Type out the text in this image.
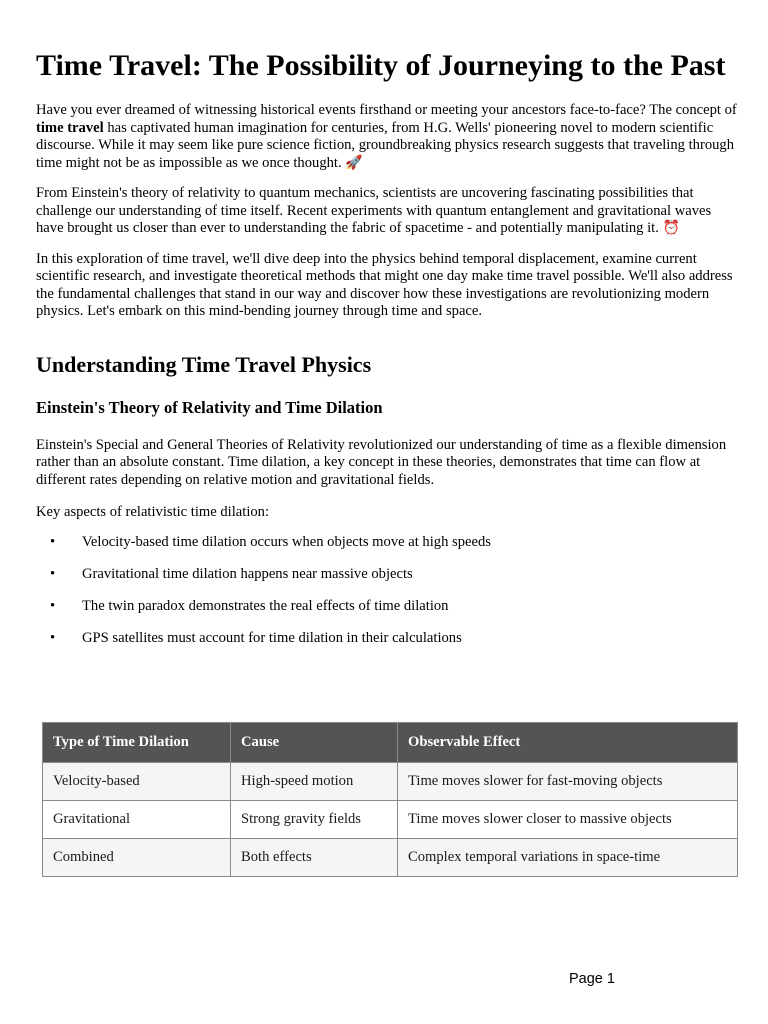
Time Travel: The Possibility of Journeying to the Past

Have you ever dreamed of witnessing historical events firsthand or meeting your ancestors face-to-face? The concept of time travel has captivated human imagination for centuries, from H.G. Wells' pioneering novel to modern scientific discourse. While it may seem like pure science fiction, groundbreaking physics research suggests that traveling through time might not be as impossible as we once thought. 🚀

From Einstein's theory of relativity to quantum mechanics, scientists are uncovering fascinating possibilities that challenge our understanding of time itself. Recent experiments with quantum entanglement and gravitational waves have brought us closer than ever to understanding the fabric of spacetime - and potentially manipulating it. ⏰

In this exploration of time travel, we'll dive deep into the physics behind temporal displacement, examine current scientific research, and investigate theoretical methods that might one day make time travel possible. We'll also address the fundamental challenges that stand in our way and discover how these investigations are revolutionizing modern physics. Let's embark on this mind-bending journey through time and space.

Understanding Time Travel Physics
Einstein's Theory of Relativity and Time Dilation

Einstein's Special and General Theories of Relativity revolutionized our understanding of time as a flexible dimension rather than an absolute constant. Time dilation, a key concept in these theories, demonstrates that time can flow at different rates depending on relative motion and gravitational fields.

Key aspects of relativistic time dilation:

• Velocity-based time dilation occurs when objects move at high speeds
• Gravitational time dilation happens near massive objects
• The twin paradox demonstrates the real effects of time dilation
• GPS satellites must account for time dilation in their calculations
Type of Time Dilation	Cause	Observable Effect
Velocity-based	High-speed motion	Time moves slower for fast-moving objects
Gravitational	Strong gravity fields	Time moves slower closer to massive objects
Combined	Both effects	Complex temporal variations in space-time
Page 1
